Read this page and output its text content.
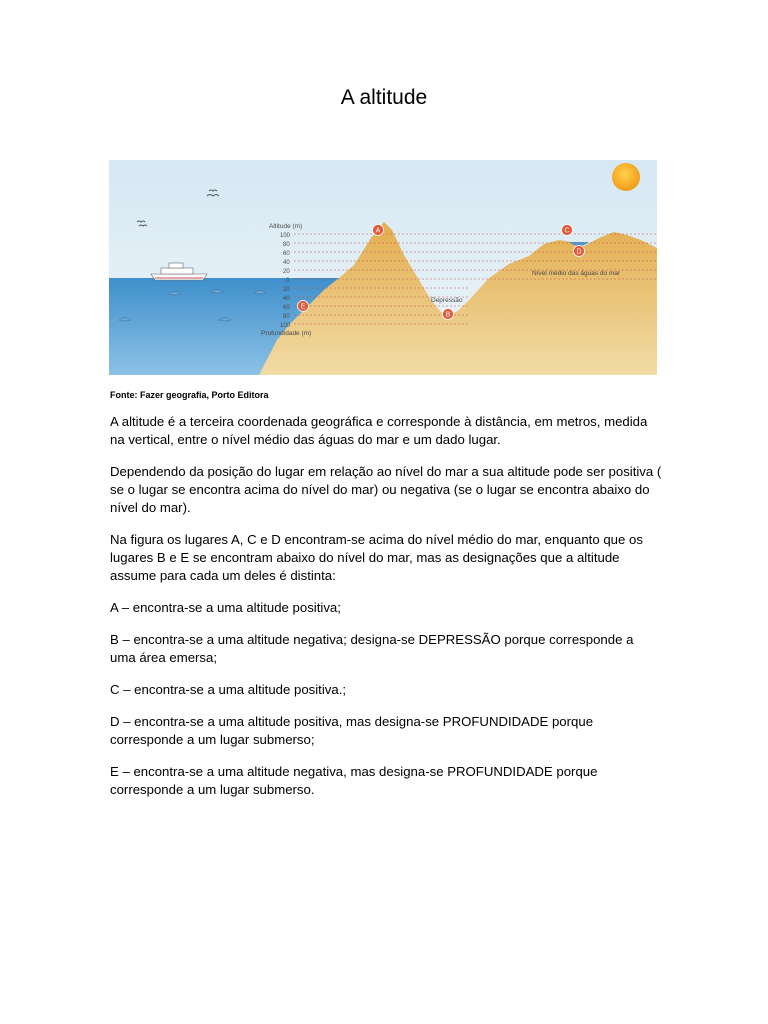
A altitude
Altitude (m)
100
80
60
40
20
0
20
40
60
80
100
Profundidade (m)
A
B
C
D
E
Depressão
Nível médio das águas do mar
Fonte: Fazer geografia, Porto Editora

A altitude é a terceira coordenada geográfica e corresponde à distância, em metros, medida na vertical, entre o nível médio das águas do mar e um dado lugar.

Dependendo da posição do lugar em relação ao nível do mar a sua altitude pode ser positiva ( se o lugar se encontra acima do nível do mar) ou negativa (se o lugar se encontra abaixo do nível do mar).

Na figura os lugares A, C e D encontram-se acima do nível médio do mar, enquanto que os lugares B e E se encontram abaixo do nível do mar, mas as designações que a altitude assume para cada um deles é distinta:

A – encontra-se a uma altitude positiva;

B – encontra-se a uma altitude negativa; designa-se DEPRESSÃO porque corresponde a uma área emersa;

C – encontra-se a uma altitude positiva.;

D – encontra-se a uma altitude positiva, mas designa-se PROFUNDIDADE porque corresponde a um lugar submerso;

E – encontra-se a uma altitude negativa, mas designa-se PROFUNDIDADE porque corresponde a um lugar submerso.
